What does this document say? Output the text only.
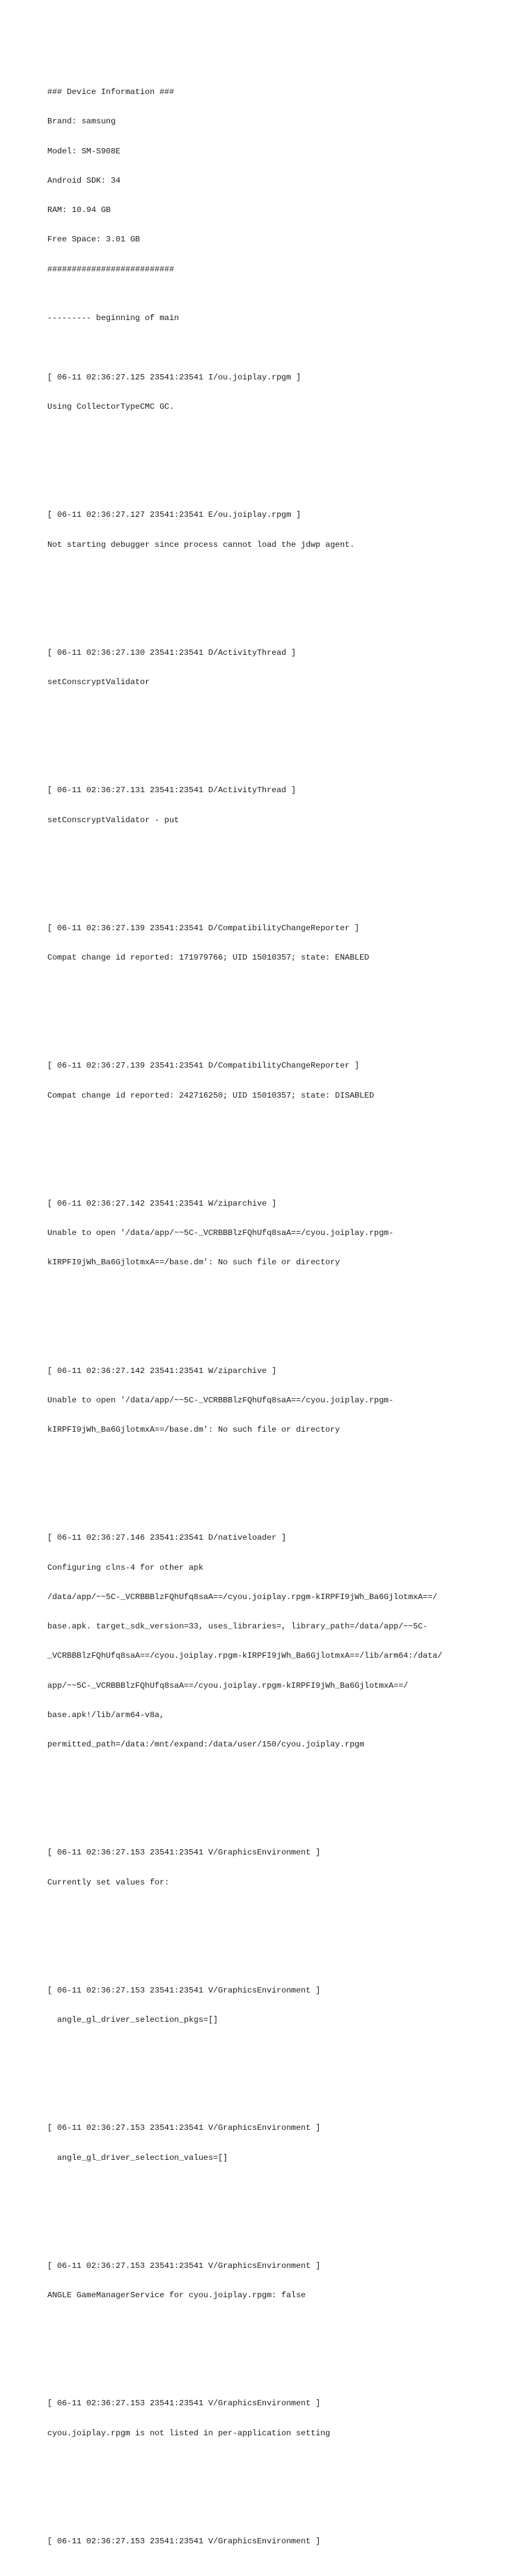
### Device Information ###

Brand: samsung

Model: SM-S908E

Android SDK: 34

RAM: 10.94 GB

Free Space: 3.01 GB

##########################

--------- beginning of main

[ 06-11 02:36:27.125 23541:23541 I/ou.joiplay.rpgm ]

Using CollectorTypeCMC GC.

[ 06-11 02:36:27.127 23541:23541 E/ou.joiplay.rpgm ]

Not starting debugger since process cannot load the jdwp agent.

[ 06-11 02:36:27.130 23541:23541 D/ActivityThread ]

setConscryptValidator

[ 06-11 02:36:27.131 23541:23541 D/ActivityThread ]

setConscryptValidator - put

[ 06-11 02:36:27.139 23541:23541 D/CompatibilityChangeReporter ]

Compat change id reported: 171979766; UID 15010357; state: ENABLED

[ 06-11 02:36:27.139 23541:23541 D/CompatibilityChangeReporter ]

Compat change id reported: 242716250; UID 15010357; state: DISABLED

[ 06-11 02:36:27.142 23541:23541 W/ziparchive ]

Unable to open '/data/app/~~5C-_VCRBBBlzFQhUfq8saA==/cyou.joiplay.rpgm-

kIRPFI9jWh_Ba6GjlotmxA==/base.dm': No such file or directory

[ 06-11 02:36:27.142 23541:23541 W/ziparchive ]

Unable to open '/data/app/~~5C-_VCRBBBlzFQhUfq8saA==/cyou.joiplay.rpgm-

kIRPFI9jWh_Ba6GjlotmxA==/base.dm': No such file or directory

[ 06-11 02:36:27.146 23541:23541 D/nativeloader ]

Configuring clns-4 for other apk

/data/app/~~5C-_VCRBBBlzFQhUfq8saA==/cyou.joiplay.rpgm-kIRPFI9jWh_Ba6GjlotmxA==/

base.apk. target_sdk_version=33, uses_libraries=, library_path=/data/app/~~5C-

_VCRBBBlzFQhUfq8saA==/cyou.joiplay.rpgm-kIRPFI9jWh_Ba6GjlotmxA==/lib/arm64:/data/

app/~~5C-_VCRBBBlzFQhUfq8saA==/cyou.joiplay.rpgm-kIRPFI9jWh_Ba6GjlotmxA==/

base.apk!/lib/arm64-v8a,

permitted_path=/data:/mnt/expand:/data/user/150/cyou.joiplay.rpgm

[ 06-11 02:36:27.153 23541:23541 V/GraphicsEnvironment ]

Currently set values for:

[ 06-11 02:36:27.153 23541:23541 V/GraphicsEnvironment ]

angle_gl_driver_selection_pkgs=[]

[ 06-11 02:36:27.153 23541:23541 V/GraphicsEnvironment ]

angle_gl_driver_selection_values=[]

[ 06-11 02:36:27.153 23541:23541 V/GraphicsEnvironment ]

ANGLE GameManagerService for cyou.joiplay.rpgm: false

[ 06-11 02:36:27.153 23541:23541 V/GraphicsEnvironment ]

cyou.joiplay.rpgm is not listed in per-application setting

[ 06-11 02:36:27.153 23541:23541 V/GraphicsEnvironment ]
